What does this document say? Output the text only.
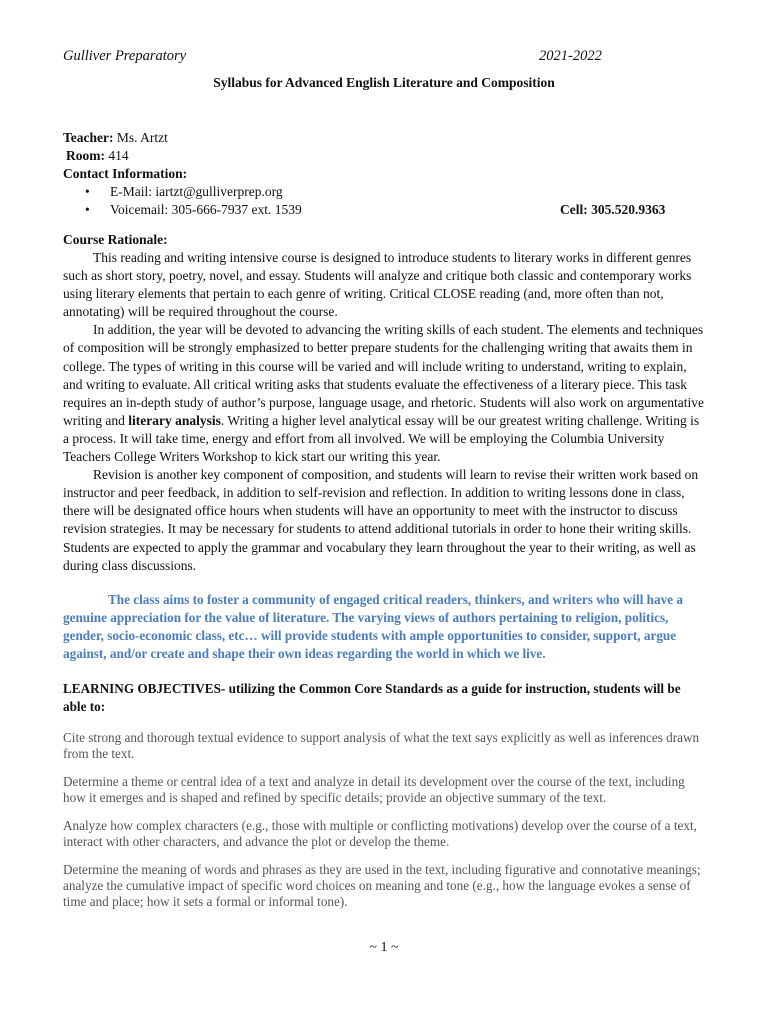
Gulliver Preparatory	2021-2022
Syllabus for Advanced English Literature and Composition
Teacher: Ms. Artzt
Room: 414
Contact Information:
• E-Mail: iartzt@gulliverprep.org
• Voicemail: 305-666-7937 ext. 1539	Cell: 305.520.9363
Course Rationale:

This reading and writing intensive course is designed to introduce students to literary works in different genres such as short story, poetry, novel, and essay. Students will analyze and critique both classic and contemporary works using literary elements that pertain to each genre of writing. Critical CLOSE reading (and, more often than not, annotating) will be required throughout the course.

In addition, the year will be devoted to advancing the writing skills of each student. The elements and techniques of composition will be strongly emphasized to better prepare students for the challenging writing that awaits them in college. The types of writing in this course will be varied and will include writing to understand, writing to explain, and writing to evaluate. All critical writing asks that students evaluate the effectiveness of a literary piece. This task requires an in-depth study of author’s purpose, language usage, and rhetoric. Students will also work on argumentative writing and literary analysis. Writing a higher level analytical essay will be our greatest writing challenge. Writing is a process. It will take time, energy and effort from all involved. We will be employing the Columbia University Teachers College Writers Workshop to kick start our writing this year.

Revision is another key component of composition, and students will learn to revise their written work based on instructor and peer feedback, in addition to self-revision and reflection. In addition to writing lessons done in class, there will be designated office hours when students will have an opportunity to meet with the instructor to discuss revision strategies. It may be necessary for students to attend additional tutorials in order to hone their writing skills. Students are expected to apply the grammar and vocabulary they learn throughout the year to their writing, as well as during class discussions.

The class aims to foster a community of engaged critical readers, thinkers, and writers who will have a genuine appreciation for the value of literature. The varying views of authors pertaining to religion, politics, gender, socio-economic class, etc… will provide students with ample opportunities to consider, support, argue against, and/or create and shape their own ideas regarding the world in which we live.

LEARNING OBJECTIVES- utilizing the Common Core Standards as a guide for instruction, students will be able to:
Cite strong and thorough textual evidence to support analysis of what the text says explicitly as well as inferences drawn from the text.
Determine a theme or central idea of a text and analyze in detail its development over the course of the text, including how it emerges and is shaped and refined by specific details; provide an objective summary of the text.
Analyze how complex characters (e.g., those with multiple or conflicting motivations) develop over the course of a text, interact with other characters, and advance the plot or develop the theme.
Determine the meaning of words and phrases as they are used in the text, including figurative and connotative meanings; analyze the cumulative impact of specific word choices on meaning and tone (e.g., how the language evokes a sense of time and place; how it sets a formal or informal tone).
~ 1 ~
